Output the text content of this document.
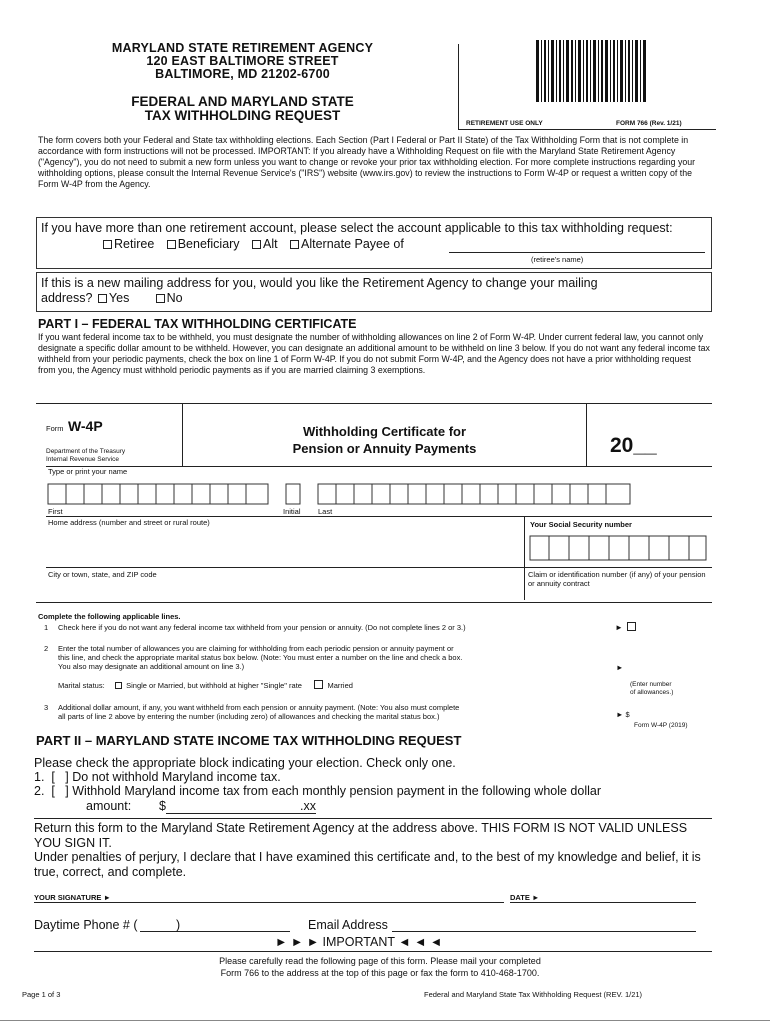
MARYLAND STATE RETIREMENT AGENCY
120 EAST BALTIMORE STREET
BALTIMORE, MD 21202-6700
FEDERAL AND MARYLAND STATE
TAX WITHHOLDING REQUEST
RETIREMENT USE ONLY	FORM 766 (Rev. 1/21)
The form covers both your Federal and State tax withholding elections. Each Section (Part I Federal or Part II State) of the Tax Withholding Form that is not complete in accordance with form instructions will not be processed. IMPORTANT: If you already have a Withholding Request on file with the Maryland State Retirement Agency ("Agency"), you do not need to submit a new form unless you want to change or revoke your prior tax withholding election. For more complete instructions regarding your withholding options, please consult the Internal Revenue Service's ("IRS") website (www.irs.gov) to review the instructions to Form W-4P or request a written copy of the Form W-4P from the Agency.
If you have more than one retirement account, please select the account applicable to this tax withholding request:
Retiree Beneficiary Alt Alternate Payee of
(retiree's name)
If this is a new mailing address for you, would you like the Retirement Agency to change your mailing address? Yes	No
PART I – FEDERAL TAX WITHHOLDING CERTIFICATE
If you want federal income tax to be withheld, you must designate the number of withholding allowances on line 2 of Form W-4P. Under current federal law, you cannot only designate a specific dollar amount to be withheld. However, you can designate an additional amount to be withheld on line 3 below. If you do not want any federal income tax withheld from your periodic payments, check the box on line 1 of Form W-4P. If you do not submit Form W-4P, and the Agency does not have a prior withholding request from you, the Agency must withhold periodic payments as if you are married claiming 3 exemptions.
Form W-4P
Department of the Treasury
Internal Revenue Service
Withholding Certificate for
Pension or Annuity Payments	20__
Type or print your name
First	Initial Last
Home address (number and street or rural route)	Your Social Security number
City or town, state, and ZIP code	Claim or identification number (if any) of your pension or annuity contract
Complete the following applicable lines.
1 Check here if you do not want any federal income tax withheld from your pension or annuity. (Do not complete lines 2 or 3.)	►
2 Enter the total number of allowances you are claiming for withholding from each periodic pension or annuity payment or
this line, and check the appropriate marital status box below. (Note: You must enter a number on the line and check a box.
You also may designate an additional amount on line 3.)	►
Marital status:	Single or Married, but withhold at higher "Single" rate	Married	(Enter number
of allowances.)
3 Additional dollar amount, if any, you want withheld from each pension or annuity payment. (Note: You also must complete
all parts of line 2 above by entering the number (including zero) of allowances and checking the marital status box.)	► $
Form W-4P (2019)
PART II – MARYLAND STATE INCOME TAX WITHHOLDING REQUEST
Please check the appropriate block indicating your election. Check only one.
1. [   ] Do not withhold Maryland income tax.
2. [   ] Withhold Maryland income tax from each monthly pension payment in the following whole dollar
amount: $	.xx
Return this form to the Maryland State Retirement Agency at the address above. THIS FORM IS NOT VALID UNLESS YOU SIGN IT.
Under penalties of perjury, I declare that I have examined this certificate and, to the best of my knowledge and belief, it is true, correct, and complete.
YOUR SIGNATURE ►	DATE ►
Daytime Phone # (	)	Email Address
► ► ► IMPORTANT ◄ ◄ ◄
Please carefully read the following page of this form. Please mail your completed
Form 766 to the address at the top of this page or fax the form to 410-468-1700.
Page 1 of 3	Federal and Maryland State Tax Withholding Request (REV. 1/21)
